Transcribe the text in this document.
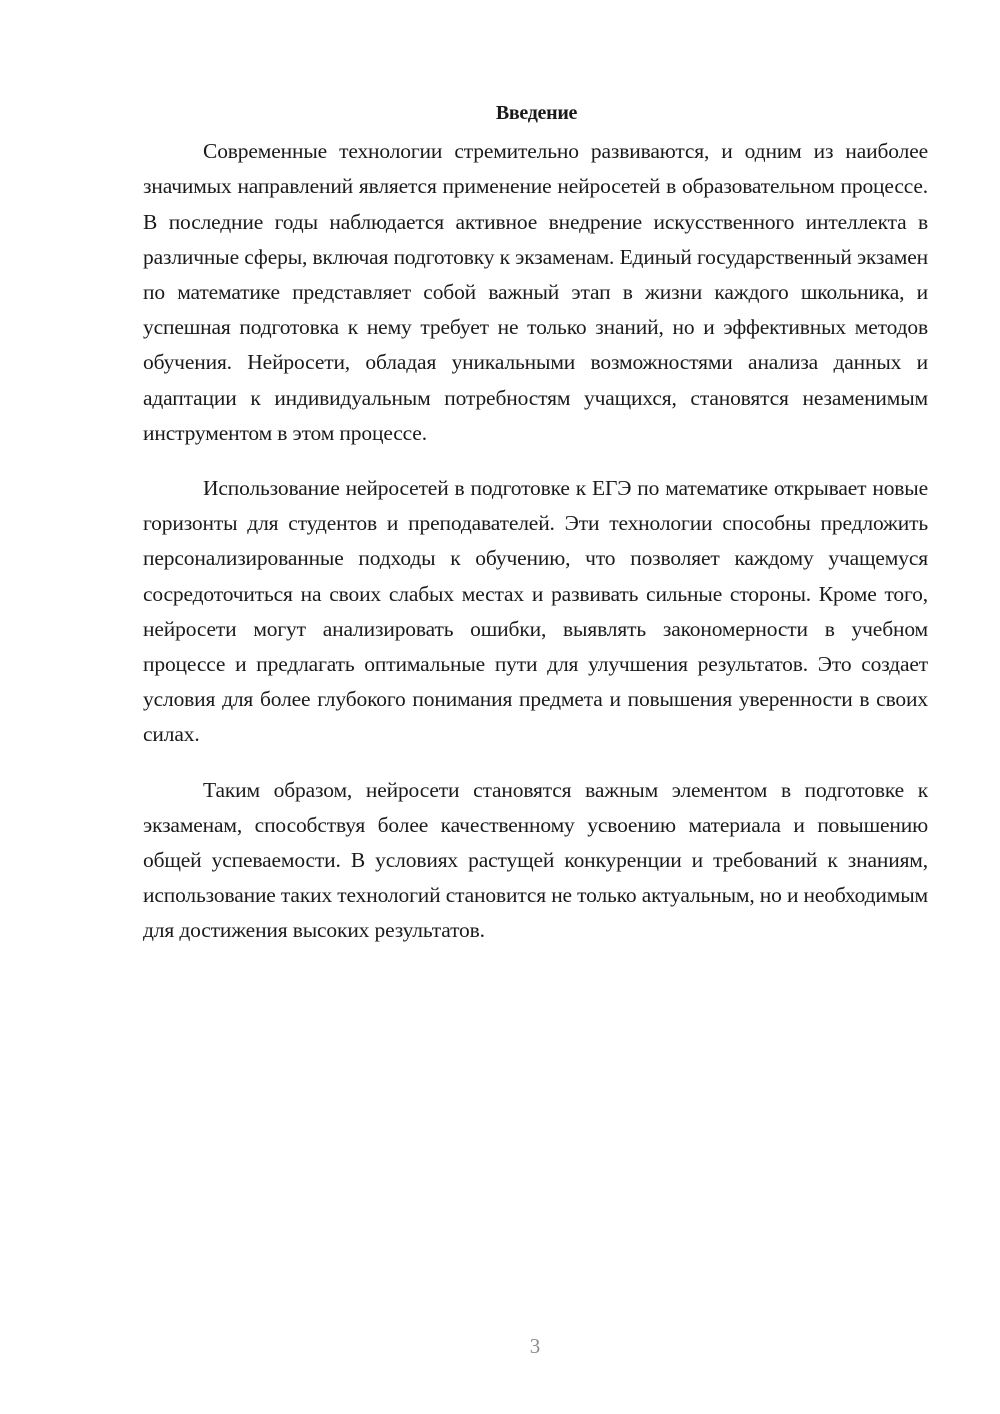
Введение

Современные технологии стремительно развиваются, и одним из наиболее значимых направлений является применение нейросетей в образовательном процессе. В последние годы наблюдается активное внедрение искусственного интеллекта в различные сферы, включая подготовку к экзаменам. Единый государственный экзамен по математике представляет собой важный этап в жизни каждого школьника, и успешная подготовка к нему требует не только знаний, но и эффективных методов обучения. Нейросети, обладая уникальными возможностями анализа данных и адаптации к индивидуальным потребностям учащихся, становятся незаменимым инструментом в этом процессе.

Использование нейросетей в подготовке к ЕГЭ по математике открывает новые горизонты для студентов и преподавателей. Эти технологии способны предложить персонализированные подходы к обучению, что позволяет каждому учащемуся сосредоточиться на своих слабых местах и развивать сильные стороны. Кроме того, нейросети могут анализировать ошибки, выявлять закономерности в учебном процессе и предлагать оптимальные пути для улучшения результатов. Это создает условия для более глубокого понимания предмета и повышения уверенности в своих силах.

Таким образом, нейросети становятся важным элементом в подготовке к экзаменам, способствуя более качественному усвоению материала и повышению общей успеваемости. В условиях растущей конкуренции и требований к знаниям, использование таких технологий становится не только актуальным, но и необходимым для достижения высоких результатов.

3
